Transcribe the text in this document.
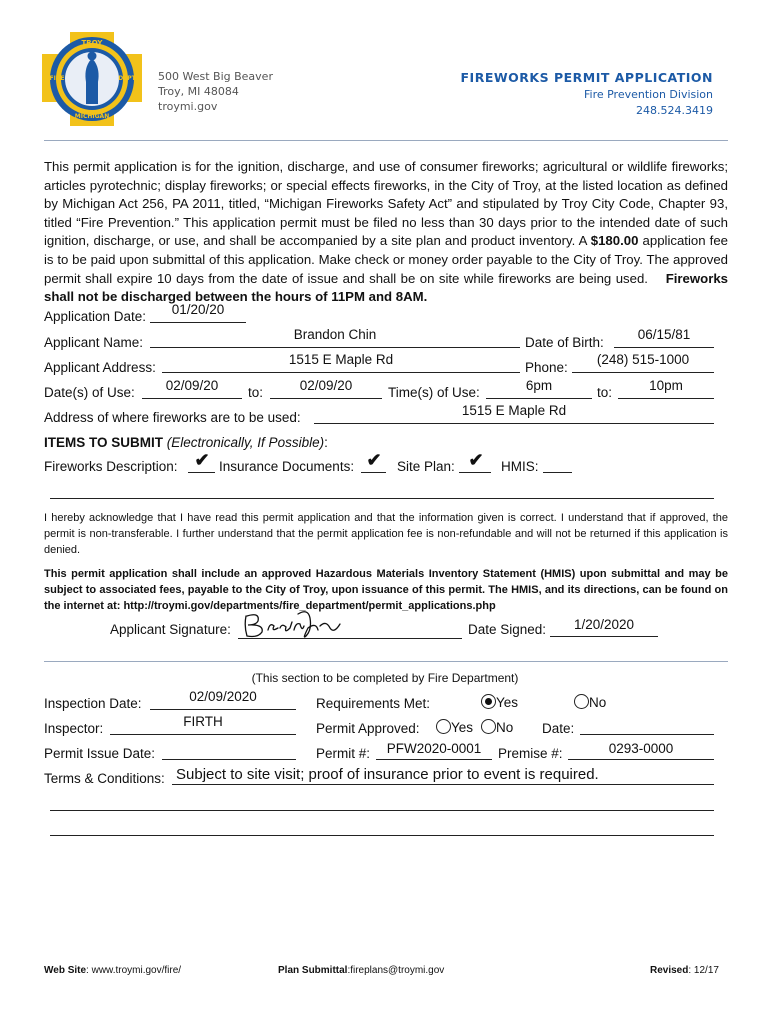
TROY
MICHIGAN
FIRE	DEPT 500 West Big Beaver
Troy, MI 48084
troymi.gov
FIREWORKS PERMIT APPLICATION
Fire Prevention Division
248.524.3419
This permit application is for the ignition, discharge, and use of consumer fireworks; agricultural or wildlife fireworks; articles pyrotechnic; display fireworks; or special effects fireworks, in the City of Troy, at the listed location as defined by Michigan Act 256, PA 2011, titled, “Michigan Fireworks Safety Act” and stipulated by Troy City Code, Chapter 93, titled “Fire Prevention.” This application permit must be filed no less than 30 days prior to the intended date of such ignition, discharge, or use, and shall be accompanied by a site plan and product inventory. A $180.00 application fee is to be paid upon submittal of this application. Make check or money order payable to the City of Troy. The approved permit shall expire 10 days from the date of issue and shall be on site while fireworks are being used. Fireworks shall not be discharged between the hours of 11PM and 8AM.
Application Date:	01/20/20
Applicant Name:
Brandon Chin
Date of Birth:
06/15/81
Applicant Address:
1515 E Maple Rd
Phone:
(248) 515-1000
Date(s) of Use:	02/09/20	to:	02/09/20	Time(s) of Use:	6pm	to:	10pm
Address of where fireworks are to be used:	1515 E Maple Rd
ITEMS TO SUBMIT (Electronically, If Possible):
Fireworks Description: ✔ Insurance Documents: ✔	Site Plan: ✔	HMIS:
I hereby acknowledge that I have read this permit application and that the information given is correct. I understand that if approved, the permit is non-transferable. I further understand that the permit application fee is non-refundable and will not be returned if this application is denied.
This permit application shall include an approved Hazardous Materials Inventory Statement (HMIS) upon submittal and may be subject to associated fees, payable to the City of Troy, upon issuance of this permit. The HMIS, and its directions, can be found on the internet at: http://troymi.gov/departments/fire_department/permit_applications.php
Applicant Signature:	Date Signed:	1/20/2020
(This section to be completed by Fire Department)
Inspection Date:	02/09/2020	Requirements Met:	Yes	No
Inspector:	FIRTH	Permit Approved:	Yes	No Date:
Permit Issue Date:	Permit #:	PFW2020-0001	Premise #:	0293-0000
Terms & Conditions: Subject to site visit; proof of insurance prior to event is required.
Web Site: www.troymi.gov/fire/	Plan Submittal:fireplans@troymi.gov	Revised: 12/17
